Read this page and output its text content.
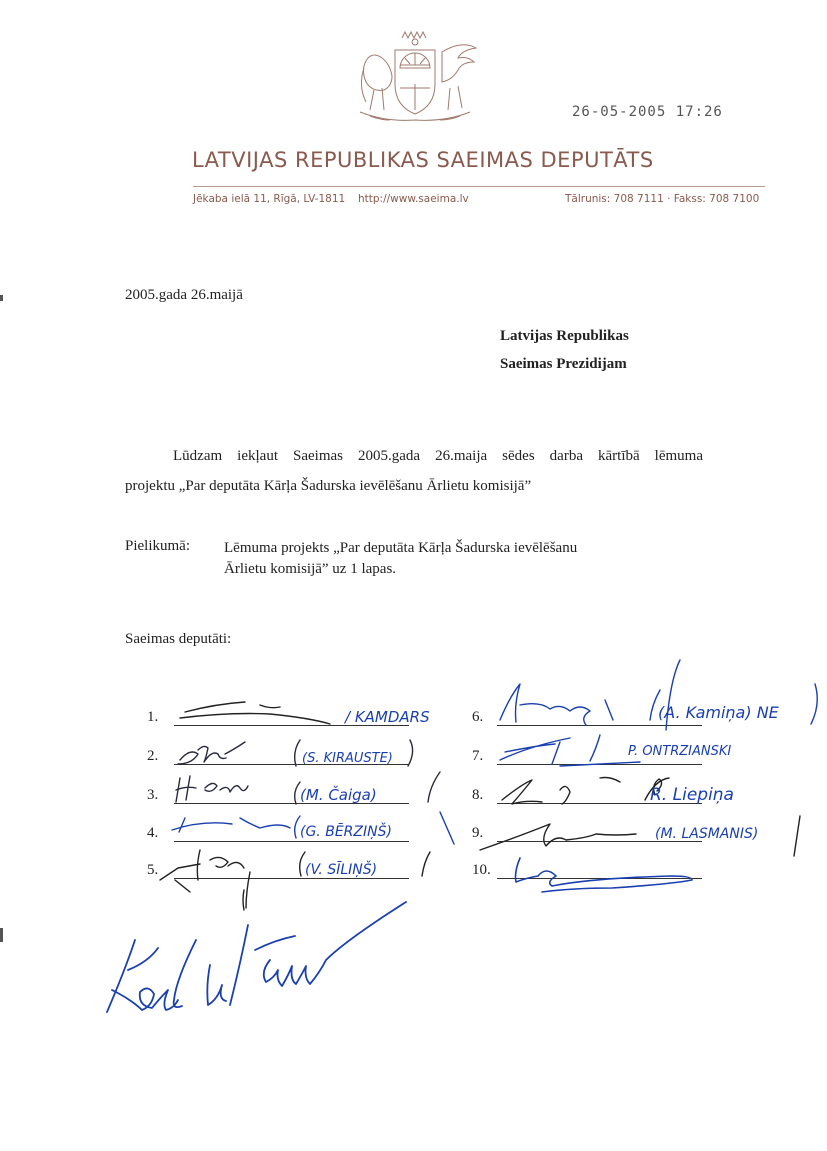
26-05-2005 17:26
LATVIJAS REPUBLIKAS SAEIMAS DEPUTĀTS
Jēkaba ielā 11, Rīgā, LV-1811 http://www.saeima.lv	Tālrunis: 708 7111 · Fakss: 708 7100
2005.gada 26.maijā
Latvijas Republikas
Saeimas Prezidijam
Lūdzam iekļaut Saeimas 2005.gada 26.maija sēdes darba kārtībā lēmuma
projektu „Par deputāta Kārļa Šadurska ievēlēšanu Ārlietu komisijā”
Pielikumā: Lēmuma projekts „Par deputāta Kārļa Šadurska ievēlēšanu
Ārlietu komisijā” uz 1 lapas.
Saeimas deputāti:
1.
2.
3.
4.
5.
6.
7.
8.
9.
10.
/ KAMDARS
(S. KIRAUSTE)
(M. Čaiga)
(G. BĒRZIŅŠ)
(V. SĪLIŅŠ)
(A. Kamiņa) NE
P. ONTRZIANSKI
R. Liepiņa
(M. LASMANIS)
